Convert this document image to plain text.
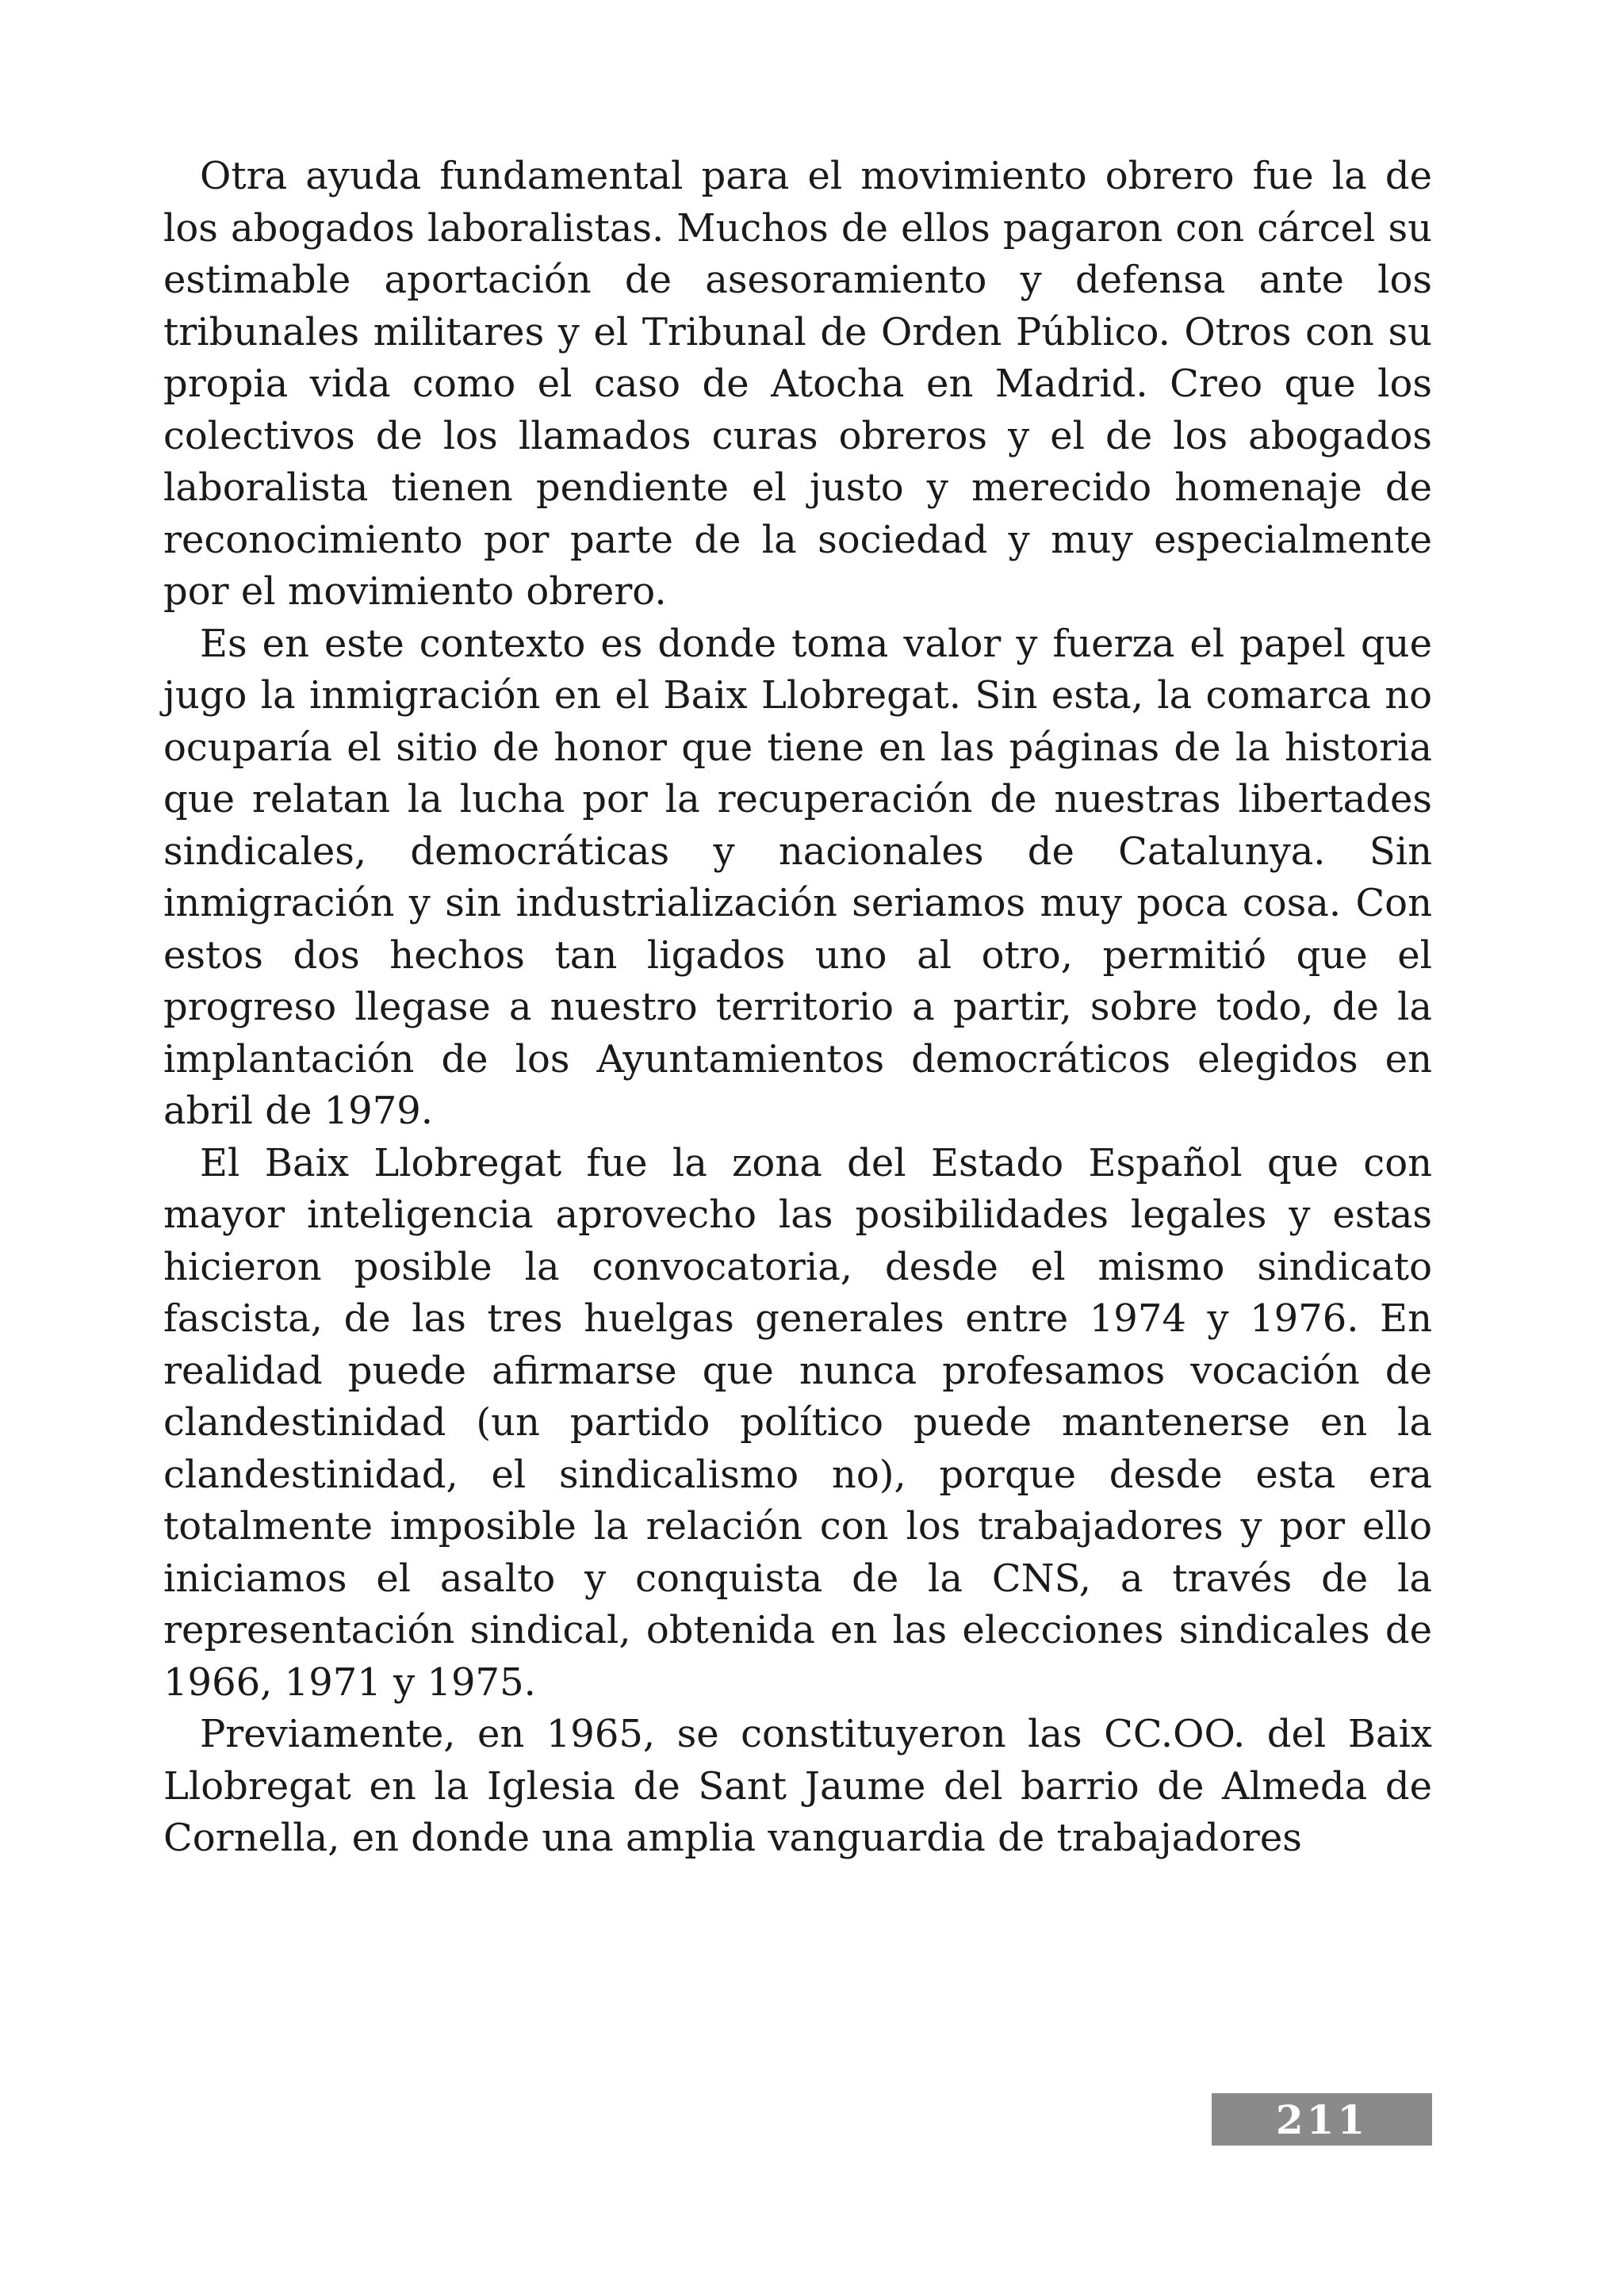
Otra ayuda fundamental para el movimiento obrero fue la de los abogados laboralistas. Muchos de ellos pagaron con cárcel su estimable aportación de asesoramiento y defensa ante los tribunales militares y el Tribunal de Orden Público. Otros con su propia vida como el caso de Atocha en Madrid. Creo que los colectivos de los llamados curas obreros y el de los abogados laboralista tienen pendiente el justo y merecido homenaje de reconocimiento por parte de la sociedad y muy especialmente por el movimiento obrero.

Es en este contexto es donde toma valor y fuerza el papel que jugo la inmigración en el Baix Llobregat. Sin esta, la comarca no ocuparía el sitio de honor que tiene en las páginas de la historia que relatan la lucha por la recuperación de nuestras libertades sindicales, democráticas y nacionales de Catalunya. Sin inmigración y sin industrialización seriamos muy poca cosa. Con estos dos hechos tan ligados uno al otro, permitió que el progreso llegase a nuestro territorio a partir, sobre todo, de la implantación de los Ayuntamientos democráticos elegidos en abril de 1979.

El Baix Llobregat fue la zona del Estado Español que con mayor inteligencia aprovecho las posibilidades legales y estas hicieron posible la convocatoria, desde el mismo sindicato fascista, de las tres huelgas generales entre 1974 y 1976. En realidad puede afirmarse que nunca profesamos vocación de clandestinidad (un partido político puede mantenerse en la clandestinidad, el sindicalismo no), porque desde esta era totalmente imposible la relación con los trabajadores y por ello iniciamos el asalto y conquista de la CNS, a través de la representación sindical, obtenida en las elecciones sindicales de 1966, 1971 y 1975.

Previamente, en 1965, se constituyeron las CC.OO. del Baix Llobregat en la Iglesia de Sant Jaume del barrio de Almeda de Cornella, en donde una amplia vanguardia de trabajadores

211
